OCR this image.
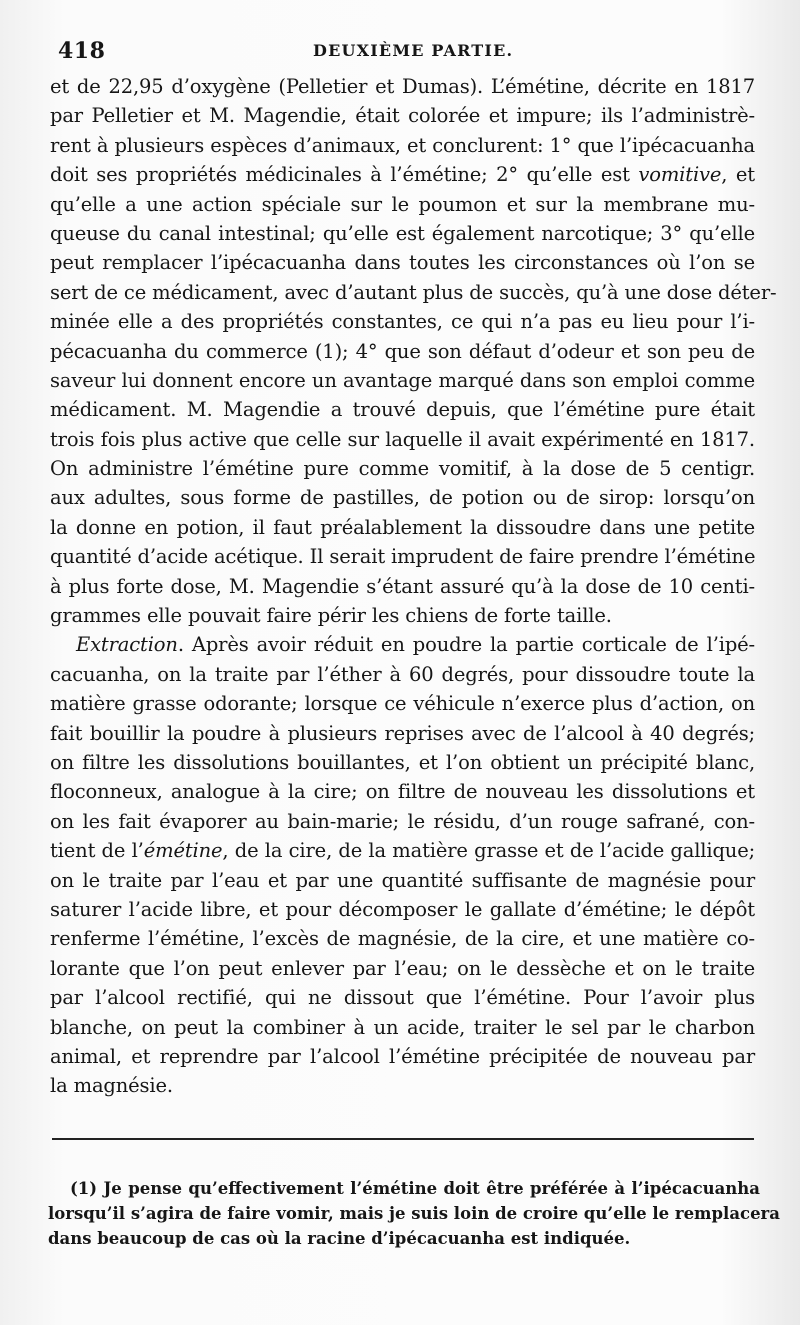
418	DEUXIÈME PARTIE.
et de 22,95 d’oxygène (Pelletier et Dumas). L’émétine, décrite en 1817
par Pelletier et M. Magendie, était colorée et impure; ils l’administrè-
rent à plusieurs espèces d’animaux, et conclurent: 1° que l’ipécacuanha
doit ses propriétés médicinales à l’émétine; 2° qu’elle est vomitive, et
qu’elle a une action spéciale sur le poumon et sur la membrane mu-
queuse du canal intestinal; qu’elle est également narcotique; 3° qu’elle
peut remplacer l’ipécacuanha dans toutes les circonstances où l’on se
sert de ce médicament, avec d’autant plus de succès, qu’à une dose déter-
minée elle a des propriétés constantes, ce qui n’a pas eu lieu pour l’i-
pécacuanha du commerce (1); 4° que son défaut d’odeur et son peu de
saveur lui donnent encore un avantage marqué dans son emploi comme
médicament. M. Magendie a trouvé depuis, que l’émétine pure était
trois fois plus active que celle sur laquelle il avait expérimenté en 1817.
On administre l’émétine pure comme vomitif, à la dose de 5 centigr.
aux adultes, sous forme de pastilles, de potion ou de sirop: lorsqu’on
la donne en potion, il faut préalablement la dissoudre dans une petite
quantité d’acide acétique. Il serait imprudent de faire prendre l’émétine
à plus forte dose, M. Magendie s’étant assuré qu’à la dose de 10 centi-
grammes elle pouvait faire périr les chiens de forte taille.
Extraction. Après avoir réduit en poudre la partie corticale de l’ipé-
cacuanha, on la traite par l’éther à 60 degrés, pour dissoudre toute la
matière grasse odorante; lorsque ce véhicule n’exerce plus d’action, on
fait bouillir la poudre à plusieurs reprises avec de l’alcool à 40 degrés;
on filtre les dissolutions bouillantes, et l’on obtient un précipité blanc,
floconneux, analogue à la cire; on filtre de nouveau les dissolutions et
on les fait évaporer au bain-marie; le résidu, d’un rouge safrané, con-
tient de l’émétine, de la cire, de la matière grasse et de l’acide gallique;
on le traite par l’eau et par une quantité suffisante de magnésie pour
saturer l’acide libre, et pour décomposer le gallate d’émétine; le dépôt
renferme l’émétine, l’excès de magnésie, de la cire, et une matière co-
lorante que l’on peut enlever par l’eau; on le dessèche et on le traite
par l’alcool rectifié, qui ne dissout que l’émétine. Pour l’avoir plus
blanche, on peut la combiner à un acide, traiter le sel par le charbon
animal, et reprendre par l’alcool l’émétine précipitée de nouveau par
la magnésie.
(1) Je pense qu’effectivement l’émétine doit être préférée à l’ipécacuanha
lorsqu’il s’agira de faire vomir, mais je suis loin de croire qu’elle le remplacera
dans beaucoup de cas où la racine d’ipécacuanha est indiquée.
